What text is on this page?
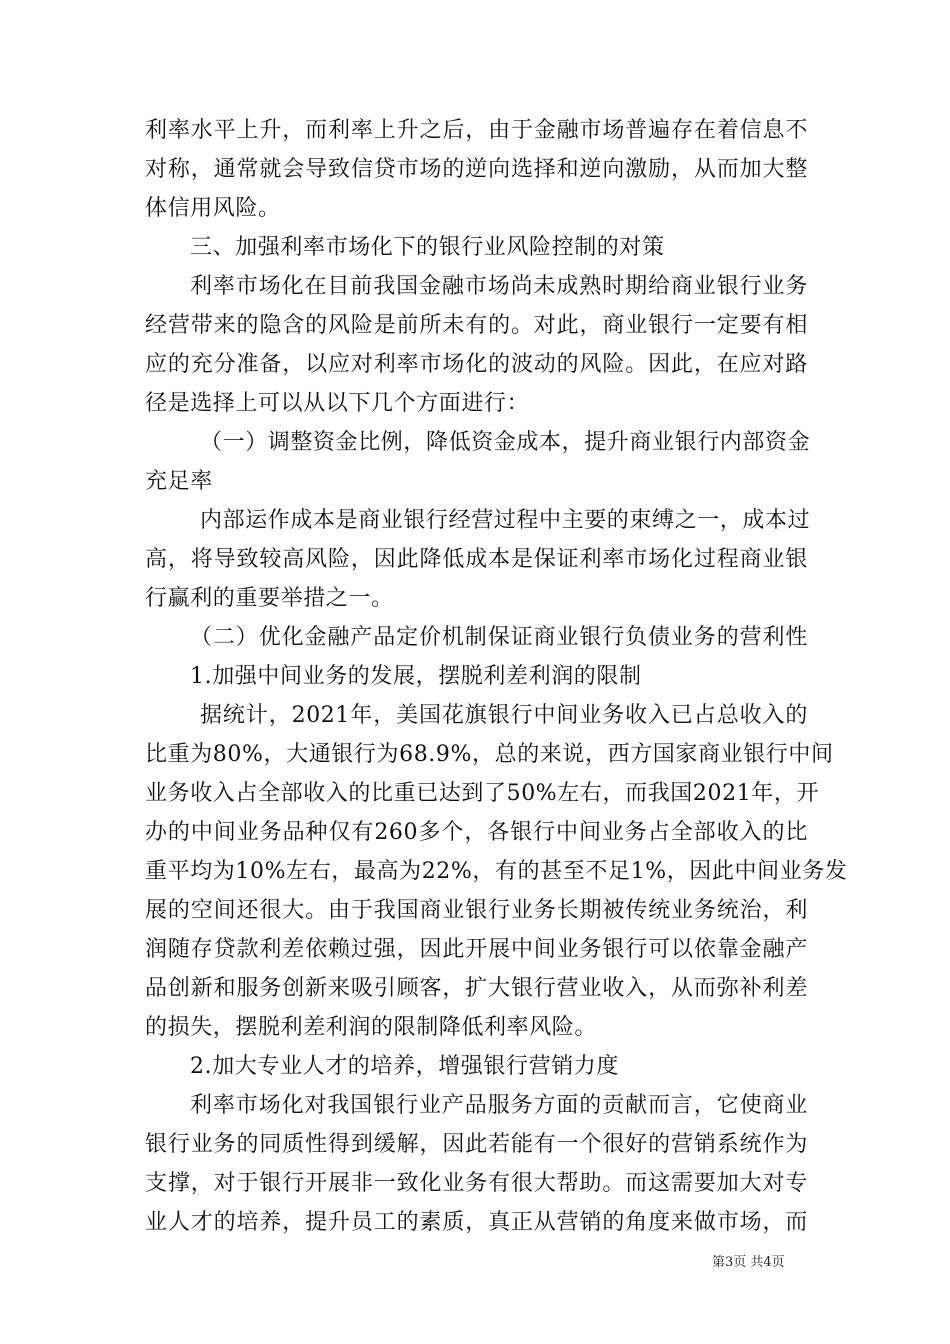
利率水平上升，而利率上升之后，由于金融市场普遍存在着信息不
对称，通常就会导致信贷市场的逆向选择和逆向激励，从而加大整
体信用风险。
三、加强利率市场化下的银行业风险控制的对策
利率市场化在目前我国金融市场尚未成熟时期给商业银行业务
经营带来的隐含的风险是前所未有的。对此，商业银行一定要有相
应的充分准备，以应对利率市场化的波动的风险。因此，在应对路
径是选择上可以从以下几个方面进行：
（一）调整资金比例，降低资金成本，提升商业银行内部资金
充足率
内部运作成本是商业银行经营过程中主要的束缚之一，成本过
高，将导致较高风险，因此降低成本是保证利率市场化过程商业银
行赢利的重要举措之一。
（二）优化金融产品定价机制保证商业银行负债业务的营利性
1.加强中间业务的发展，摆脱利差利润的限制
据统计，2021年，美国花旗银行中间业务收入已占总收入的
比重为80%，大通银行为68.9%，总的来说，西方国家商业银行中间
业务收入占全部收入的比重已达到了50%左右，而我国2021年，开
办的中间业务品种仅有260多个，各银行中间业务占全部收入的比
重平均为10%左右，最高为22%，有的甚至不足1%，因此中间业务发
展的空间还很大。由于我国商业银行业务长期被传统业务统治，利
润随存贷款利差依赖过强，因此开展中间业务银行可以依靠金融产
品创新和服务创新来吸引顾客，扩大银行营业收入，从而弥补利差
的损失，摆脱利差利润的限制降低利率风险。
2.加大专业人才的培养，增强银行营销力度
利率市场化对我国银行业产品服务方面的贡献而言，它使商业
银行业务的同质性得到缓解，因此若能有一个很好的营销系统作为
支撑，对于银行开展非一致化业务有很大帮助。而这需要加大对专
业人才的培养，提升员工的素质，真正从营销的角度来做市场，而
第3页 共4页
